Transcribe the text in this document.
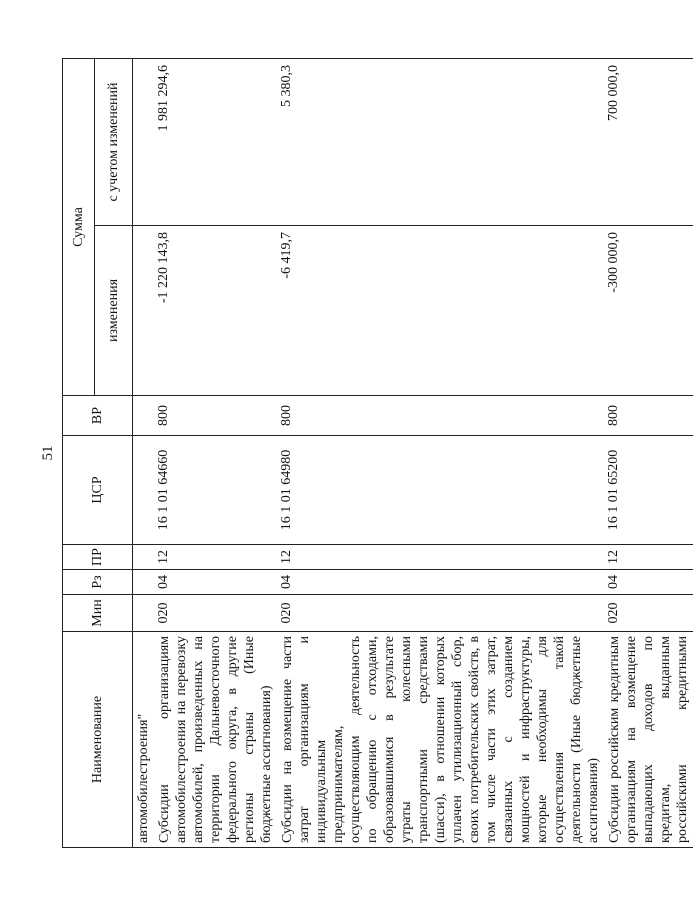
51
Наименование	Мин	Рз	ПР	ЦСР	ВР	Сумма	
						изменения	с учетом изменений
автомобилестроения"							
Субсидии организациям автомобилестроения на перевозку автомобилей, произведенных на территории Дальневосточного федерального округа, в другие регионы страны (Иные бюджетные ассигнования)	020	04	12	16 1 01 64660	800	-1 220 143,8	1 981 294,6
Субсидии на возмещение части затрат организациям и индивидуальным предпринимателям, осуществляющим деятельность по обращению с отходами, образовавшимися в результате утраты колесными транспортными средствами (шасси), в отношении которых уплачен утилизационный сбор, своих потребительских свойств, в том числе части этих затрат, связанных с созданием мощностей и инфраструктуры, которые необходимы для осуществления такой деятельности (Иные бюджетные ассигнования)	020	04	12	16 1 01 64980	800	-6 419,7	5 380,3
Субсидии российским кредитным организациям на возмещение выпадающих доходов по кредитам, выданным российскими кредитными	020	04	12	16 1 01 65200	800	-300 000,0	700 000,0
